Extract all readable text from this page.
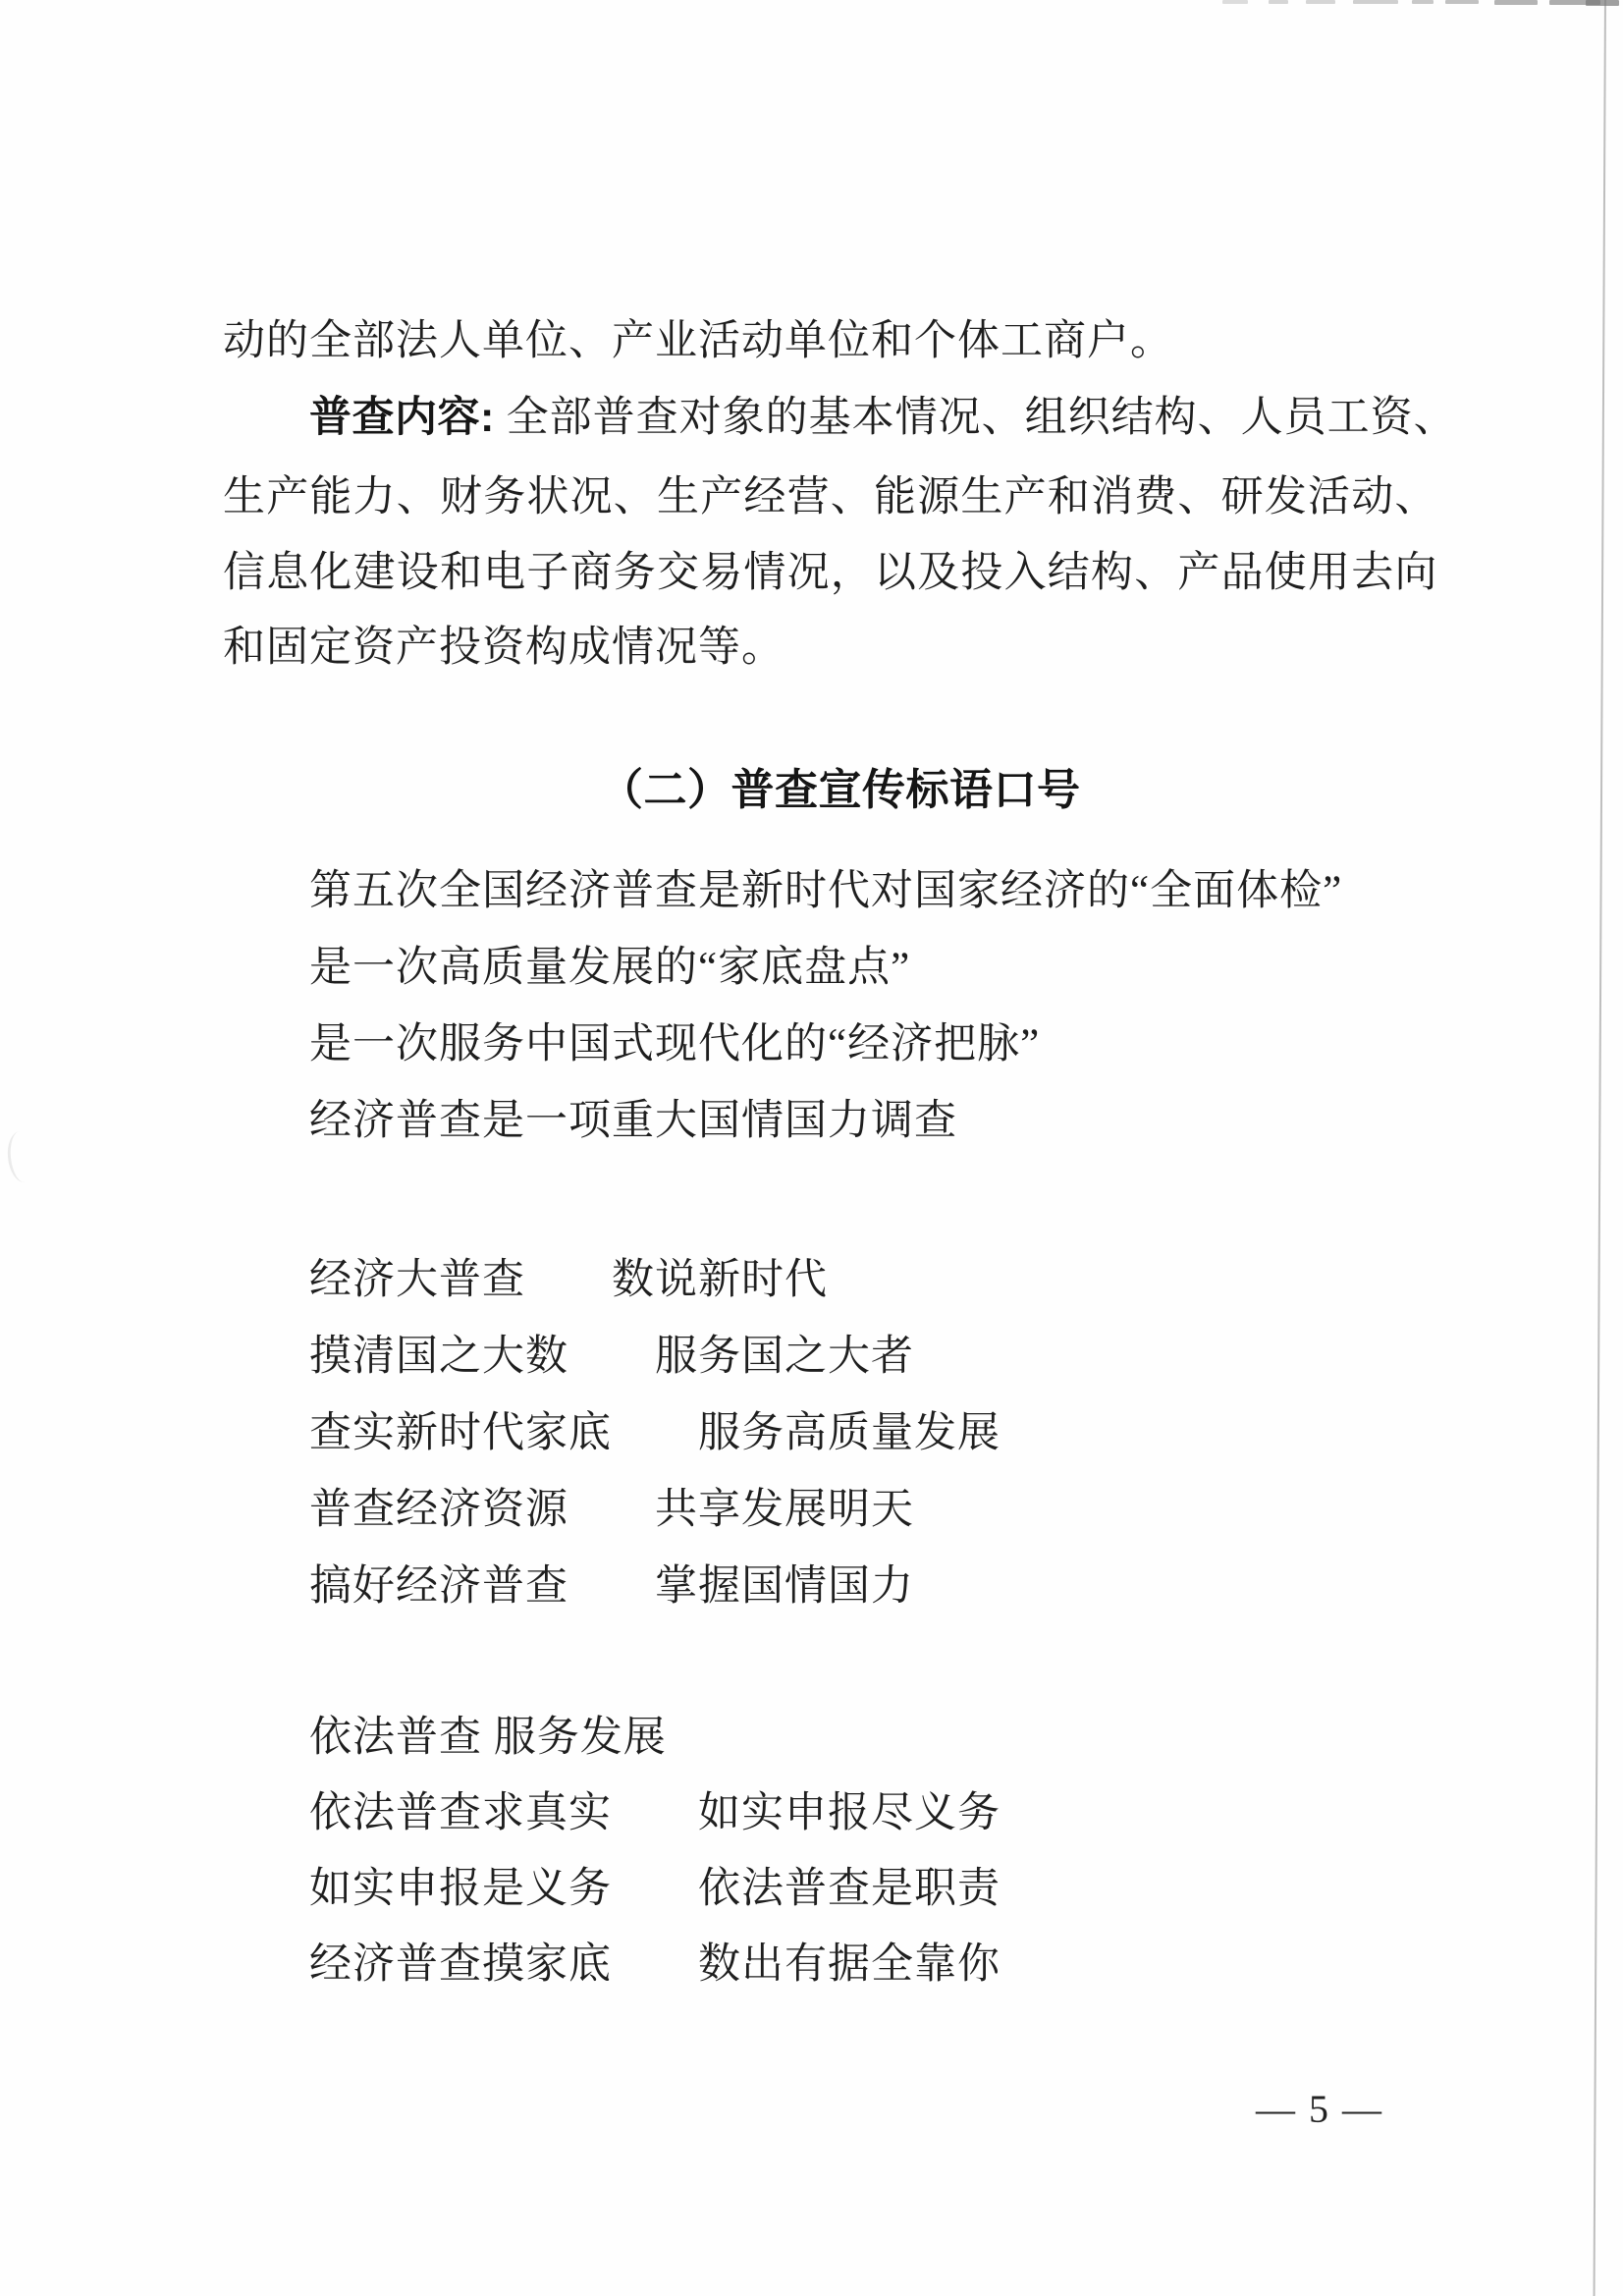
动的全部法人单位、产业活动单位和个体工商户。
普查内容: 全部普查对象的基本情况、组织结构、人员工资、
生产能力、财务状况、生产经营、能源生产和消费、研发活动、
信息化建设和电子商务交易情况，以及投入结构、产品使用去向
和固定资产投资构成情况等。
（二）普查宣传标语口号
第五次全国经济普查是新时代对国家经济的“全面体检”
是一次高质量发展的“家底盘点”
是一次服务中国式现代化的“经济把脉”
经济普查是一项重大国情国力调查
经济大普查　　数说新时代
摸清国之大数　　服务国之大者
查实新时代家底　　服务高质量发展
普查经济资源　　共享发展明天
搞好经济普查　　掌握国情国力
依法普查 服务发展
依法普查求真实　　如实申报尽义务
如实申报是义务　　依法普查是职责
经济普查摸家底　　数出有据全靠你
— 5 —
